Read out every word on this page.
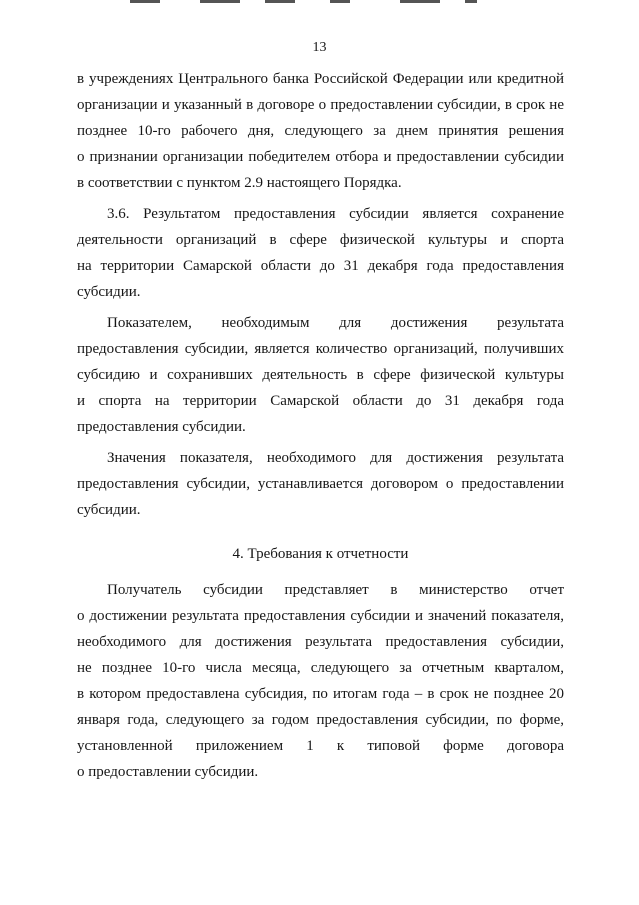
13
в учреждениях Центрального банка Российской Федерации или кредитной
организации и указанный в договоре о предоставлении субсидии, в срок не
позднее 10-го рабочего дня, следующего за днем принятия решения
о признании организации победителем отбора и предоставлении субсидии
в соответствии с пунктом 2.9 настоящего Порядка.
3.6. Результатом предоставления субсидии является сохранение
деятельности организаций в сфере физической культуры и спорта
на территории Самарской области до 31 декабря года предоставления
субсидии.
Показателем, необходимым для достижения результата
предоставления субсидии, является количество организаций, получивших
субсидию и сохранивших деятельность в сфере физической культуры
и спорта на территории Самарской области до 31 декабря года
предоставления субсидии.
Значения показателя, необходимого для достижения результата
предоставления субсидии, устанавливается договором о предоставлении
субсидии.
4. Требования к отчетности
Получатель субсидии представляет в министерство отчет
о достижении результата предоставления субсидии и значений показателя,
необходимого для достижения результата предоставления субсидии,
не позднее 10-го числа месяца, следующего за отчетным кварталом,
в котором предоставлена субсидия, по итогам года – в срок не позднее 20
января года, следующего за годом предоставления субсидии, по форме,
установленной приложением 1 к типовой форме договора
о предоставлении субсидии.
